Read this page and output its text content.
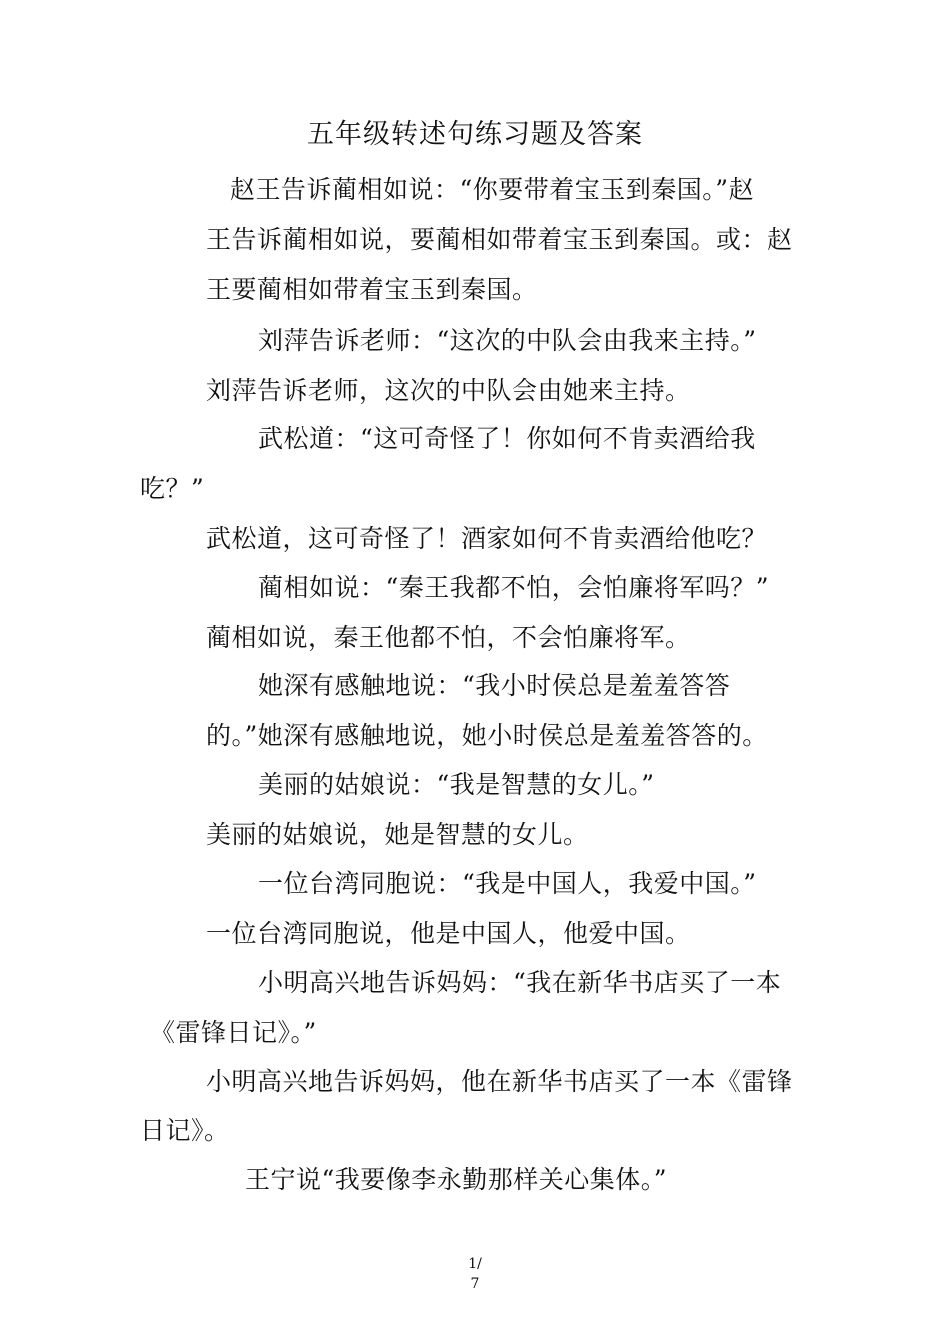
五年级转述句练习题及答案
赵王告诉蔺相如说：“你要带着宝玉到秦国。”赵
王告诉蔺相如说，要蔺相如带着宝玉到秦国。或：赵
王要蔺相如带着宝玉到秦国。
刘萍告诉老师：“这次的中队会由我来主持。”
刘萍告诉老师，这次的中队会由她来主持。
武松道：“这可奇怪了！你如何不肯卖酒给我
吃？”
武松道，这可奇怪了！酒家如何不肯卖酒给他吃？
蔺相如说：“秦王我都不怕，会怕廉将军吗？”
蔺相如说，秦王他都不怕，不会怕廉将军。
她深有感触地说：“我小时侯总是羞羞答答
的。”她深有感触地说，她小时侯总是羞羞答答的。
美丽的姑娘说：“我是智慧的女儿。”
美丽的姑娘说，她是智慧的女儿。
一位台湾同胞说：“我是中国人，我爱中国。”
一位台湾同胞说，他是中国人，他爱中国。
小明高兴地告诉妈妈：“我在新华书店买了一本
《雷锋日记》。”
小明高兴地告诉妈妈，他在新华书店买了一本《雷锋
日记》。
王宁说“我要像李永勤那样关心集体。”
1/
7
